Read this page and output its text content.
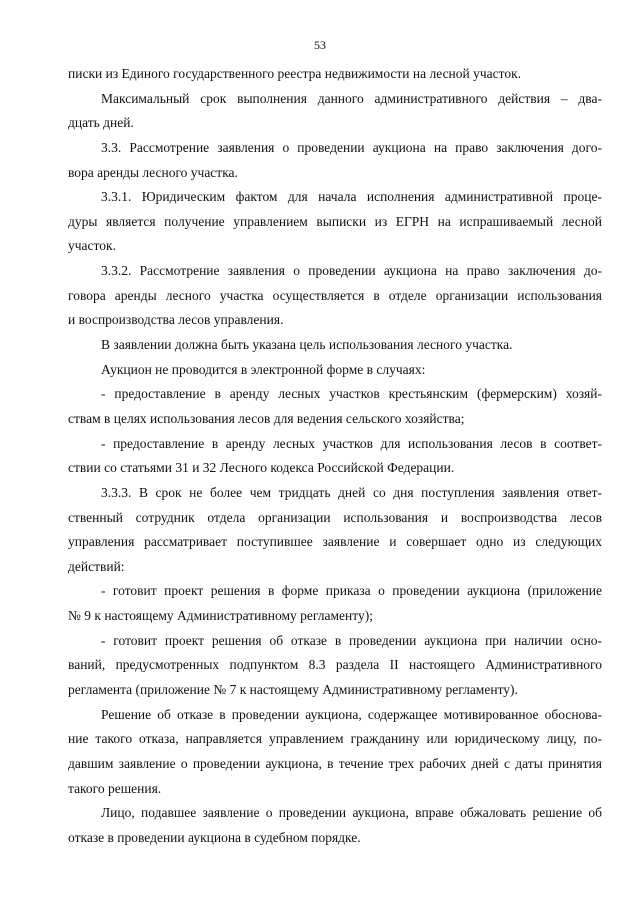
53
писки из Единого государственного реестра недвижимости на лесной участок.
Максимальный срок выполнения данного административного действия – два-
дцать дней.
3.3. Рассмотрение заявления о проведении аукциона на право заключения дого-
вора аренды лесного участка.
3.3.1. Юридическим фактом для начала исполнения административной проце-
дуры является получение управлением выписки из ЕГРН на испрашиваемый лесной
участок.
3.3.2. Рассмотрение заявления о проведении аукциона на право заключения до-
говора аренды лесного участка осуществляется в отделе организации использования
и воспроизводства лесов управления.
В заявлении должна быть указана цель использования лесного участка.
Аукцион не проводится в электронной форме в случаях:
- предоставление в аренду лесных участков крестьянским (фермерским) хозяй-
ствам в целях использования лесов для ведения сельского хозяйства;
- предоставление в аренду лесных участков для использования лесов в соответ-
ствии со статьями 31 и 32 Лесного кодекса Российской Федерации.
3.3.3. В срок не более чем тридцать дней со дня поступления заявления ответ-
ственный сотрудник отдела организации использования и воспроизводства лесов
управления рассматривает поступившее заявление и совершает одно из следующих
действий:
- готовит проект решения в форме приказа о проведении аукциона (приложение
№ 9 к настоящему Административному регламенту);
- готовит проект решения об отказе в проведении аукциона при наличии осно-
ваний, предусмотренных подпунктом 8.3 раздела II настоящего Административного
регламента (приложение № 7 к настоящему Административному регламенту).
Решение об отказе в проведении аукциона, содержащее мотивированное обоснова-
ние такого отказа, направляется управлением гражданину или юридическому лицу, по-
давшим заявление о проведении аукциона, в течение трех рабочих дней с даты принятия
такого решения.
Лицо, подавшее заявление о проведении аукциона, вправе обжаловать решение об
отказе в проведении аукциона в судебном порядке.
